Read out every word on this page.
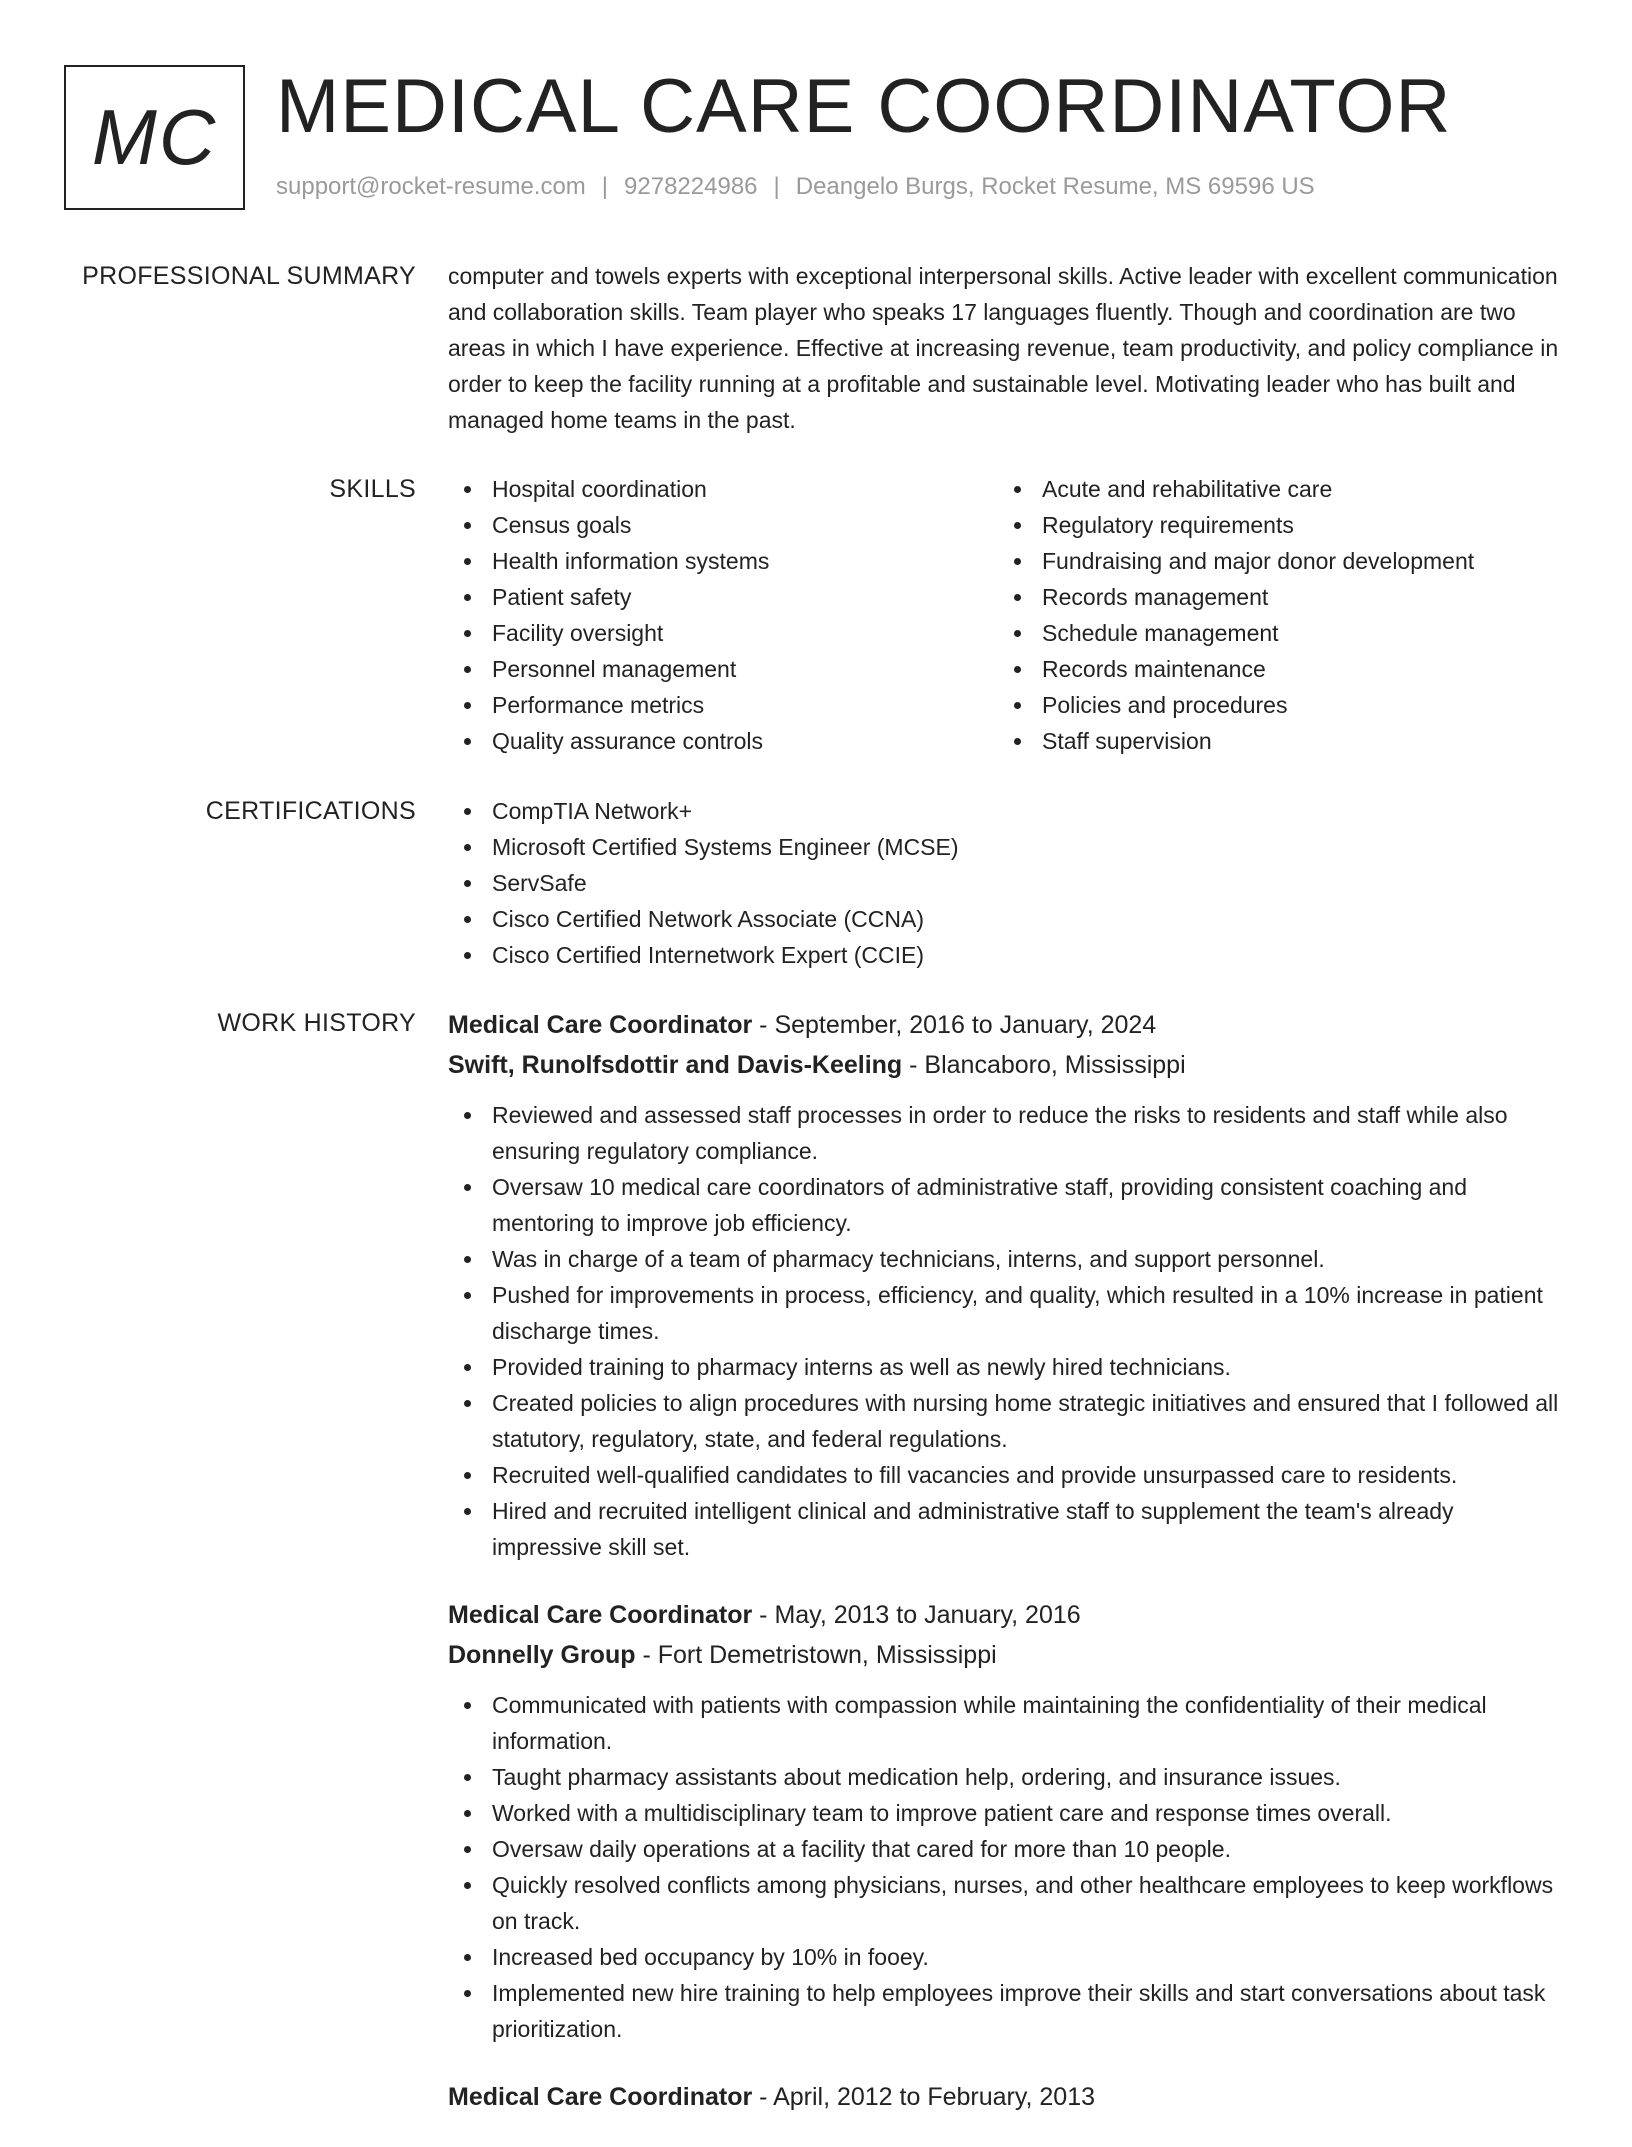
MC MEDICAL CARE COORDINATOR
support@rocket-resume.com | 9278224986 | Deangelo Burgs, Rocket Resume, MS 69596 US
PROFESSIONAL SUMMARY computer and towels experts with exceptional interpersonal skills. Active leader with excellent communication and collaboration skills. Team player who speaks 17 languages fluently. Though and coordination are two areas in which I have experience. Effective at increasing revenue, team productivity, and policy compliance in order to keep the facility running at a profitable and sustainable level. Motivating leader who has built and managed home teams in the past.

SKILLS	Hospital coordination
Census goals
Health information systems
Patient safety
Facility oversight
Personnel management
Performance metrics
Quality assurance controls
Acute and rehabilitative care
Regulatory requirements
Fundraising and major donor development
Records management
Schedule management
Records maintenance
Policies and procedures
Staff supervision
CERTIFICATIONS	CompTIA Network+
Microsoft Certified Systems Engineer (MCSE)
ServSafe
Cisco Certified Network Associate (CCNA)
Cisco Certified Internetwork Expert (CCIE)
WORK HISTORY Medical Care Coordinator - September, 2016 to January, 2024
Swift, Runolfsdottir and Davis-Keeling - Blancaboro, Mississippi
Reviewed and assessed staff processes in order to reduce the risks to residents and staff while also ensuring regulatory compliance.
Oversaw 10 medical care coordinators of administrative staff, providing consistent coaching and mentoring to improve job efficiency.
Was in charge of a team of pharmacy technicians, interns, and support personnel.
Pushed for improvements in process, efficiency, and quality, which resulted in a 10% increase in patient discharge times.
Provided training to pharmacy interns as well as newly hired technicians.
Created policies to align procedures with nursing home strategic initiatives and ensured that I followed all statutory, regulatory, state, and federal regulations.
Recruited well-qualified candidates to fill vacancies and provide unsurpassed care to residents.
Hired and recruited intelligent clinical and administrative staff to supplement the team's already impressive skill set.
Medical Care Coordinator - May, 2013 to January, 2016
Donnelly Group - Fort Demetristown, Mississippi
Communicated with patients with compassion while maintaining the confidentiality of their medical information.
Taught pharmacy assistants about medication help, ordering, and insurance issues.
Worked with a multidisciplinary team to improve patient care and response times overall.
Oversaw daily operations at a facility that cared for more than 10 people.
Quickly resolved conflicts among physicians, nurses, and other healthcare employees to keep workflows on track.
Increased bed occupancy by 10% in fooey.
Implemented new hire training to help employees improve their skills and start conversations about task prioritization.
Medical Care Coordinator - April, 2012 to February, 2013
